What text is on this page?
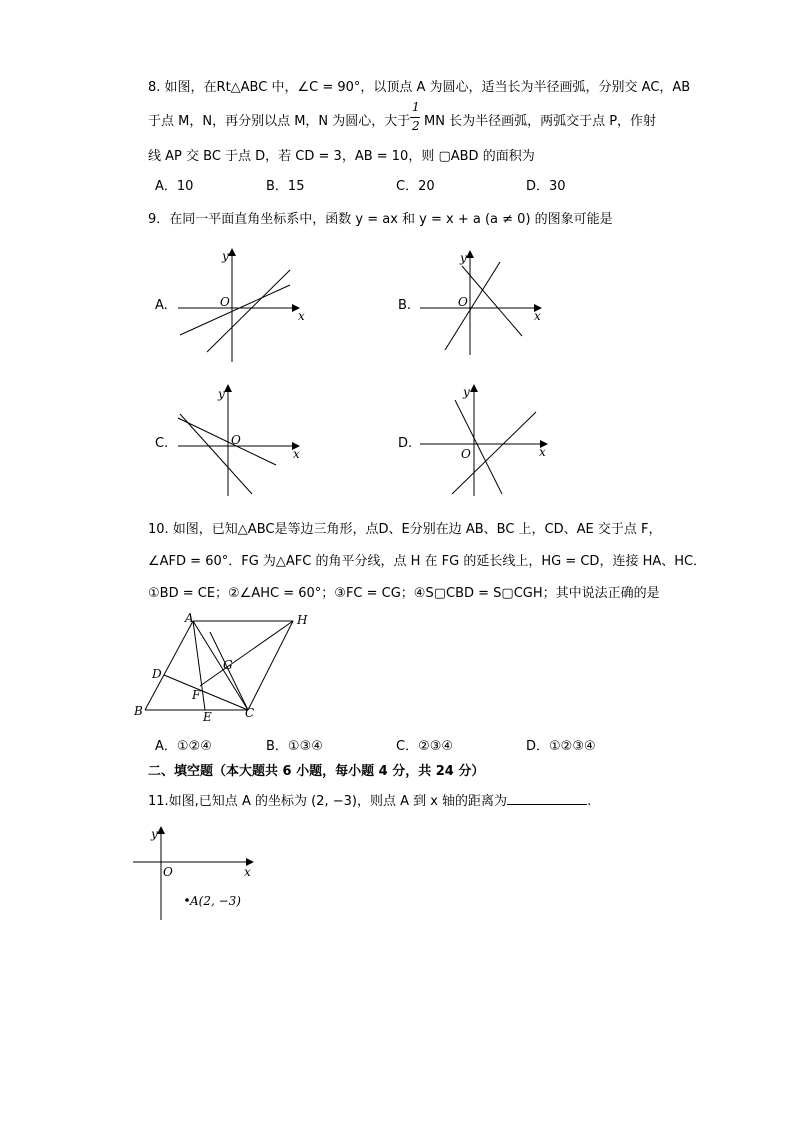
8. 如图，在Rt△ABC 中，∠C = 90°，以顶点 A 为圆心，适当长为半径画弧，分别交 AC，AB
于点 M，N，再分别以点 M，N 为圆心，大于
1
2 MN 长为半径画弧，两弧交于点 P，作射
线 AP 交 BC 于点 D，若 CD = 3，AB = 10，则 ▢ABD 的面积为
A．10	B．15	C．20	D．30
9．在同一平面直角坐标系中，函数 y = ax 和 y = x + a (a ≠ 0) 的图象可能是
A.	O
x
y
O
x
y
O
x
y
O	x
y
A	H
G
D
F
B	E	C
O	x
y
A(2, −3)
B.
C.	D.
10. 如图，已知△ABC是等边三角形，点D、E分别在边 AB、BC 上，CD、AE 交于点 F，
∠AFD = 60°．FG 为△AFC 的角平分线，点 H 在 FG 的延长线上，HG = CD，连接 HA、HC．
①BD = CE；②∠AHC = 60°；③FC = CG；④S▢CBD = S▢CGH；其中说法正确的是
A．①②④	B．①③④	C．②③④	D．①②③④
二、填空题（本大题共 6 小题，每小题 4 分，共 24 分）
11.如图,已知点 A 的坐标为 (2, −3)，则点 A 到 x 轴的距离为	.
